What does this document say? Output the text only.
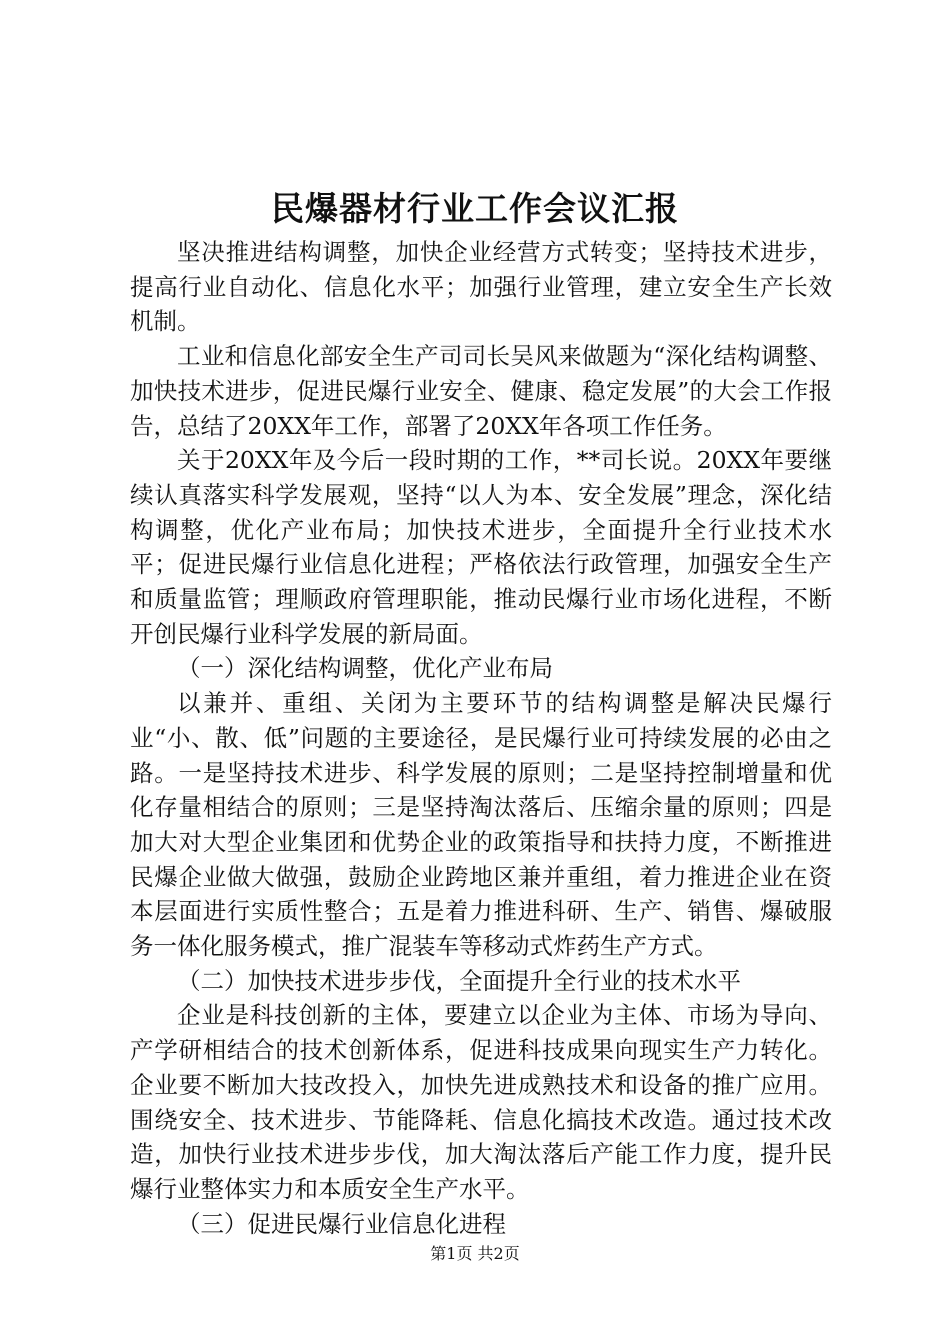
民爆器材行业工作会议汇报

坚决推进结构调整，加快企业经营方式转变；坚持技术进步，提高行业自动化、信息化水平；加强行业管理，建立安全生产长效机制。

工业和信息化部安全生产司司长吴风来做题为“深化结构调整、加快技术进步，促进民爆行业安全、健康、稳定发展”的大会工作报告，总结了20XX年工作，部署了20XX年各项工作任务。

关于20XX年及今后一段时期的工作，**司长说。20XX年要继续认真落实科学发展观，坚持“以人为本、安全发展”理念，深化结构调整，优化产业布局；加快技术进步，全面提升全行业技术水平；促进民爆行业信息化进程；严格依法行政管理，加强安全生产和质量监管；理顺政府管理职能，推动民爆行业市场化进程，不断开创民爆行业科学发展的新局面。

（一）深化结构调整，优化产业布局

以兼并、重组、关闭为主要环节的结构调整是解决民爆行业“小、散、低”问题的主要途径，是民爆行业可持续发展的必由之路。一是坚持技术进步、科学发展的原则；二是坚持控制增量和优化存量相结合的原则；三是坚持淘汰落后、压缩余量的原则；四是加大对大型企业集团和优势企业的政策指导和扶持力度，不断推进民爆企业做大做强，鼓励企业跨地区兼并重组，着力推进企业在资本层面进行实质性整合；五是着力推进科研、生产、销售、爆破服务一体化服务模式，推广混装车等移动式炸药生产方式。

（二）加快技术进步步伐，全面提升全行业的技术水平

企业是科技创新的主体，要建立以企业为主体、市场为导向、产学研相结合的技术创新体系，促进科技成果向现实生产力转化。企业要不断加大技改投入，加快先进成熟技术和设备的推广应用。围绕安全、技术进步、节能降耗、信息化搞技术改造。通过技术改造，加快行业技术进步步伐，加大淘汰落后产能工作力度，提升民爆行业整体实力和本质安全生产水平。

（三）促进民爆行业信息化进程

第1页 共2页
